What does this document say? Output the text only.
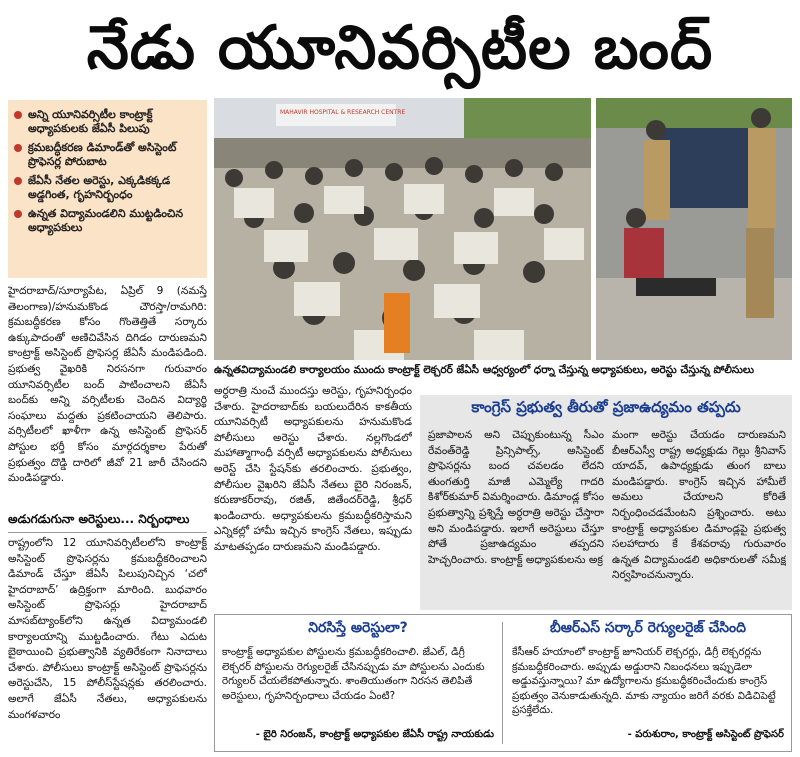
నేడు యూనివర్సిటీల బంద్
అన్ని యూనివర్సిటీల కాంట్రాక్ట్ అధ్యాపకులకు జేఏసీ పిలుపు
క్రమబద్ధీకరణ డిమాండ్‌తో అసిస్టెంట్ ప్రొఫెసర్ల పోరుబాట
జేఏసీ నేతల అరెస్టు, ఎక్కడికక్కడ అడ్డగింత, గృహనిర్బంధం
ఉన్నత విద్యామండలిని ముట్టడించిన అధ్యాపకులు
MAHAVIR HOSPITAL & RESEARCH CENTRE
ఉన్నతవిద్యామండలి కార్యాలయం ముందు కాంట్రాక్ట్ లెక్చరర్ జేఏసీ ఆధ్వర్యంలో ధర్నా చేస్తున్న అధ్యాపకులు, అరెస్టు చేస్తున్న పోలీసులు
హైదరాబాద్/సూర్యాపేట, ఏప్రిల్ 9 (నమస్తే తెలంగాణ)/హనుమకొండ చౌరస్తా/రామగిరి: క్రమబద్ధీకరణ కోసం గొంతెత్తితే సర్కారు ఉక్కుపాదంతో అణిచివేసిన దిగిడం దారుణమని కాంట్రాక్ట్ అసిస్టెంట్ ప్రొఫెసర్ల జేఏసీ మండిపడింది. ప్రభుత్వ వైఖరికి నిరసనగా గురువారం యూనివర్సిటీల బంద్ పాటించాలని జేఏసీ బంద్‌కు అన్ని వర్సిటీలకు చెందిన విద్యార్థి సంఘాలు మద్దతు ప్రకటించాయని తెలిపారు. వర్సిటీలలో ఖాళీగా ఉన్న అసిస్టెంట్ ప్రొఫెసర్ పోస్టుల భర్తీ కోసం మార్గదర్శకాల పేరుతో ప్రభుత్వం దొడ్డి దారిలో జీవో 21 జారీ చేసిందని మండిపడ్డారు.
అడుగడుగునా అరెస్టులు... నిర్బంధాలు
రాష్ట్రంలోని 12 యూనివర్సిటీలలోని కాంట్రాక్ట్ అసిస్టెంట్ ప్రొఫెసర్లను క్రమబద్ధీకరించాలని డిమాండ్ చేస్తూ జేఏసీ పిలుపునిచ్చిన ‘చలో హైదరాబాద్’ ఉద్రిక్తంగా మారింది. బుధవారం అసిస్టెంట్ ప్రొఫెసర్లు హైదరాబాద్ మాసబ్‌ట్యాంక్‌లోని ఉన్నత విద్యామండలి కార్యాలయాన్ని ముట్టడించారు. గేటు ఎదుట బైఠాయించి ప్రభుత్వానికి వ్యతిరేకంగా నినాదాలు చేశారు. పోలీసులు కాంట్రాక్ట్ అసిస్టెంట్ ప్రొఫెసర్లను అరెస్టుచేసి, 15 పోలీస్‌స్టేషన్లకు తరలించారు. అలాగే జేఏసీ నేతలు, అధ్యాపకులను మంగళవారం
అర్ధరాత్రి నుంచే ముందస్తు అరెస్టు, గృహనిర్బంధం చేశారు. హైదరాబాద్‌కు బయలుదేరిన కాకతీయ యూనివర్సిటీ అధ్యాపకులను హనుమకొండ పోలీసులు అరెస్టు చేశారు. నల్లగొండలో మహాత్మాగాంధీ వర్సిటీ అధ్యాపకులను పోలీసులు అరెస్ట్ చేసి స్టేషన్‌కు తరలించారు. ప్రభుత్వం, పోలీసుల వైఖరిని జేఏసీ నేతలు బైరి నిరంజన్, కరుణాకర్‌రావు, రజిత్, జితేందర్‌రెడ్డి, శ్రీధర్ ఖండించారు. అధ్యాపకులను క్రమబద్ధీకరిస్తామని ఎన్నికల్లో హామీ ఇచ్చిన కాంగ్రెస్ నేతలు, ఇప్పుడు మాటతప్పడం దారుణమని మండిపడ్డారు.
కాంగ్రెస్ ప్రభుత్వ తీరుతో ప్రజాఉద్యమం తప్పదు
ప్రజాపాలన అని చెప్పుకుంటున్న సీఎం రేవంత్‌రెడ్డి ప్రిన్సిపాల్స్, అసిస్టెంట్ ప్రొఫెసర్లను బంద చవలడం లేదని తుంగతుర్తి మాజీ ఎమ్మెల్యే గాదరి కిశోర్‌కుమార్ విమర్శించారు. డిమాండ్ల కోసం ప్రభుత్వాన్ని ప్రశ్నిస్తే అర్ధరాత్రి అరెస్టు చేస్తారా అని మండిపడ్డారు. ఇలాగే అరెస్టులు చేస్తూ పోతే ప్రజాఉద్యమం తప్పదని హెచ్చరించారు. కాంట్రాక్ట్ అధ్యాపకులను అక్ర
మంగా అరెస్టు చేయడం దారుణమని బీఆర్‌ఎస్వీ రాష్ట్ర అధ్యక్షుడు గెల్లు శ్రీనివాస్ యాదవ్, ఉపాధ్యక్షుడు తుంగ బాలు మండిపడ్డారు. కాంగ్రెస్ ఇచ్చిన హామీలే అమలు చేయాలని కోరితే నిర్బంధించడమేంటని ప్రశ్నించారు. అటు కాంట్రాక్ట్ అధ్యాపకుల డిమాండ్లపై ప్రభుత్వ సలహాదారు కే కేశవరావు గురువారం ఉన్నత విద్యామండలి అధికారులతో సమీక్ష నిర్వహించనున్నారు.
నిరసిస్తే అరెస్టులా?
కాంట్రాక్ట్ అధ్యాపకుల పోస్టులను క్రమబద్ధీకరించాలి. జేఎల్, డిగ్రీ లెక్చరర్ పోస్టులను రెగ్యులరైజ్ చేసినప్పుడు మా పోస్టులను ఎందుకు రెగ్యులర్ చేయలేకపోతున్నారు. శాంతియుతంగా నిరసన తెలిపితే అరెస్టులు, గృహనిర్బంధాలు చేయడం ఏంటి?
- బైరి నిరంజన్, కాంట్రాక్ట్ అధ్యాపకుల జేఏసీ రాష్ట్ర నాయకుడు
బీఆర్‌ఎస్ సర్కార్ రెగ్యులరైజ్ చేసింది
కేసీఆర్ హయాంలో కాంట్రాక్ట్ జూనియర్ లెక్చరర్లు, డిగ్రీ లెక్చరర్లను క్రమబద్ధీకరించారు. అప్పుడు అడ్డురాని నిబంధనలు ఇప్పుడెలా అడ్డువస్తున్నాయి? మా ఉద్యోగాలను క్రమబద్ధీకరించేందుకు కాంగ్రెస్ ప్రభుత్వం వెనుకాడుతున్నది. మాకు న్యాయం జరిగే వరకు విడిచిపెట్టే ప్రసక్తేలేదు.
- పరుశురాం, కాంట్రాక్ట్ అసిస్టెంట్ ప్రొఫెసర్
